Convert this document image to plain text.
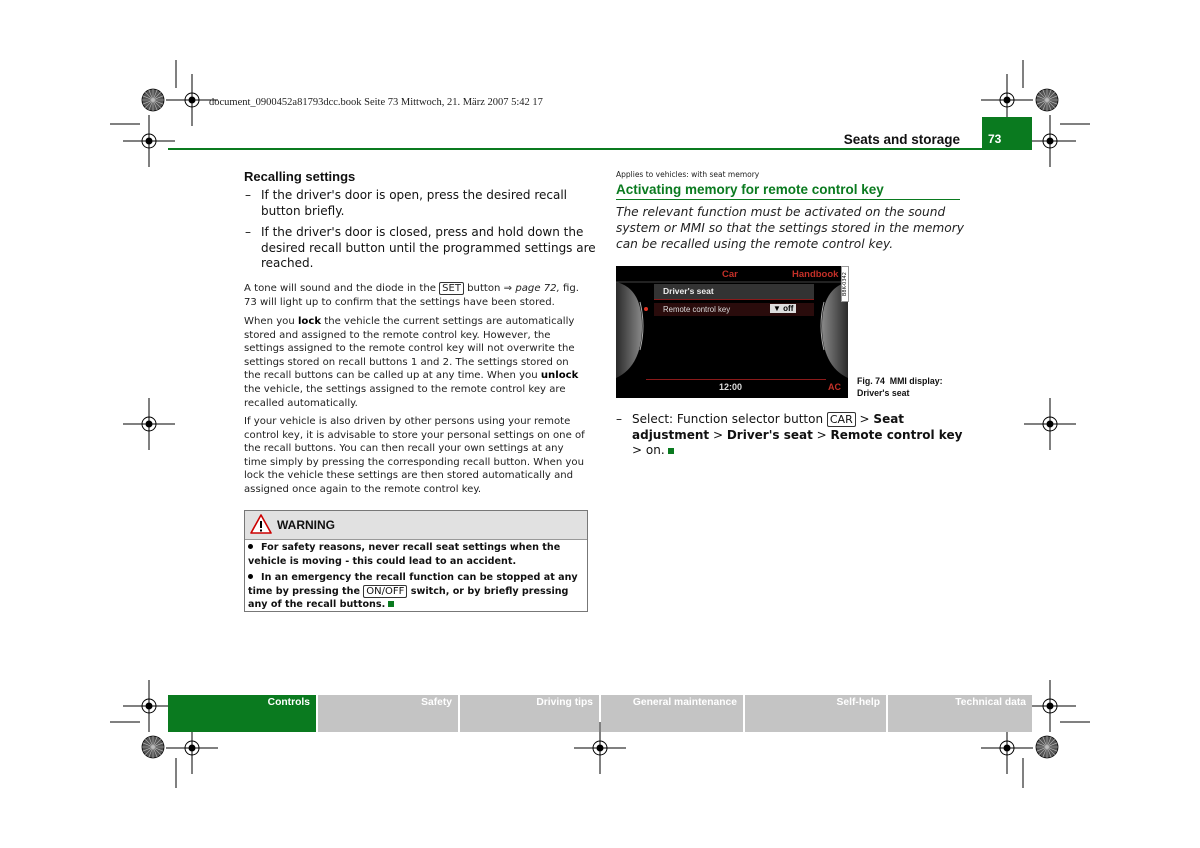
document_0900452a81793dcc.book Seite 73 Mittwoch, 21. März 2007 5:42 17
Seats and storage	73
Recalling settings
– If the driver's door is open, press the desired recall button briefly.
– If the driver's door is closed, press and hold down the desired recall button until the programmed settings are reached.
A tone will sound and the diode in the SET button ⇒ page 72, fig. 73 will light up to confirm that the settings have been stored.
When you lock the vehicle the current settings are automatically stored and assigned to the remote control key. However, the settings assigned to the remote control key will not overwrite the settings stored on recall buttons 1 and 2. The settings stored on the recall buttons can be called up at any time. When you unlock the vehicle, the settings assigned to the remote control key are recalled automatically.
If your vehicle is also driven by other persons using your remote control key, it is advisable to store your personal settings on one of the recall buttons. You can then recall your own settings at any time simply by pressing the corresponding recall button. When you lock the vehicle these settings are then stored automatically and assigned once again to the remote control key.
WARNING
For safety reasons, never recall seat settings when the vehicle is moving - this could lead to an accident.
In an emergency the recall function can be stopped at any time by pressing the ON/OFF switch, or by briefly pressing any of the recall buttons.
Applies to vehicles: with seat memory
Activating memory for remote control key
The relevant function must be activated on the sound system or MMI so that the settings stored in the memory can be recalled using the remote control key.
Car	Handbook
Driver's seat
Remote control key	▼ off
12:00	AC
B8K-0342
Fig. 74 MMI display:
Driver's seat
– Select: Function selector button CAR > Seat adjustment > Driver's seat > Remote control key > on.
Controls	Safety	Driving tips	General maintenance	Self-help	Technical data
